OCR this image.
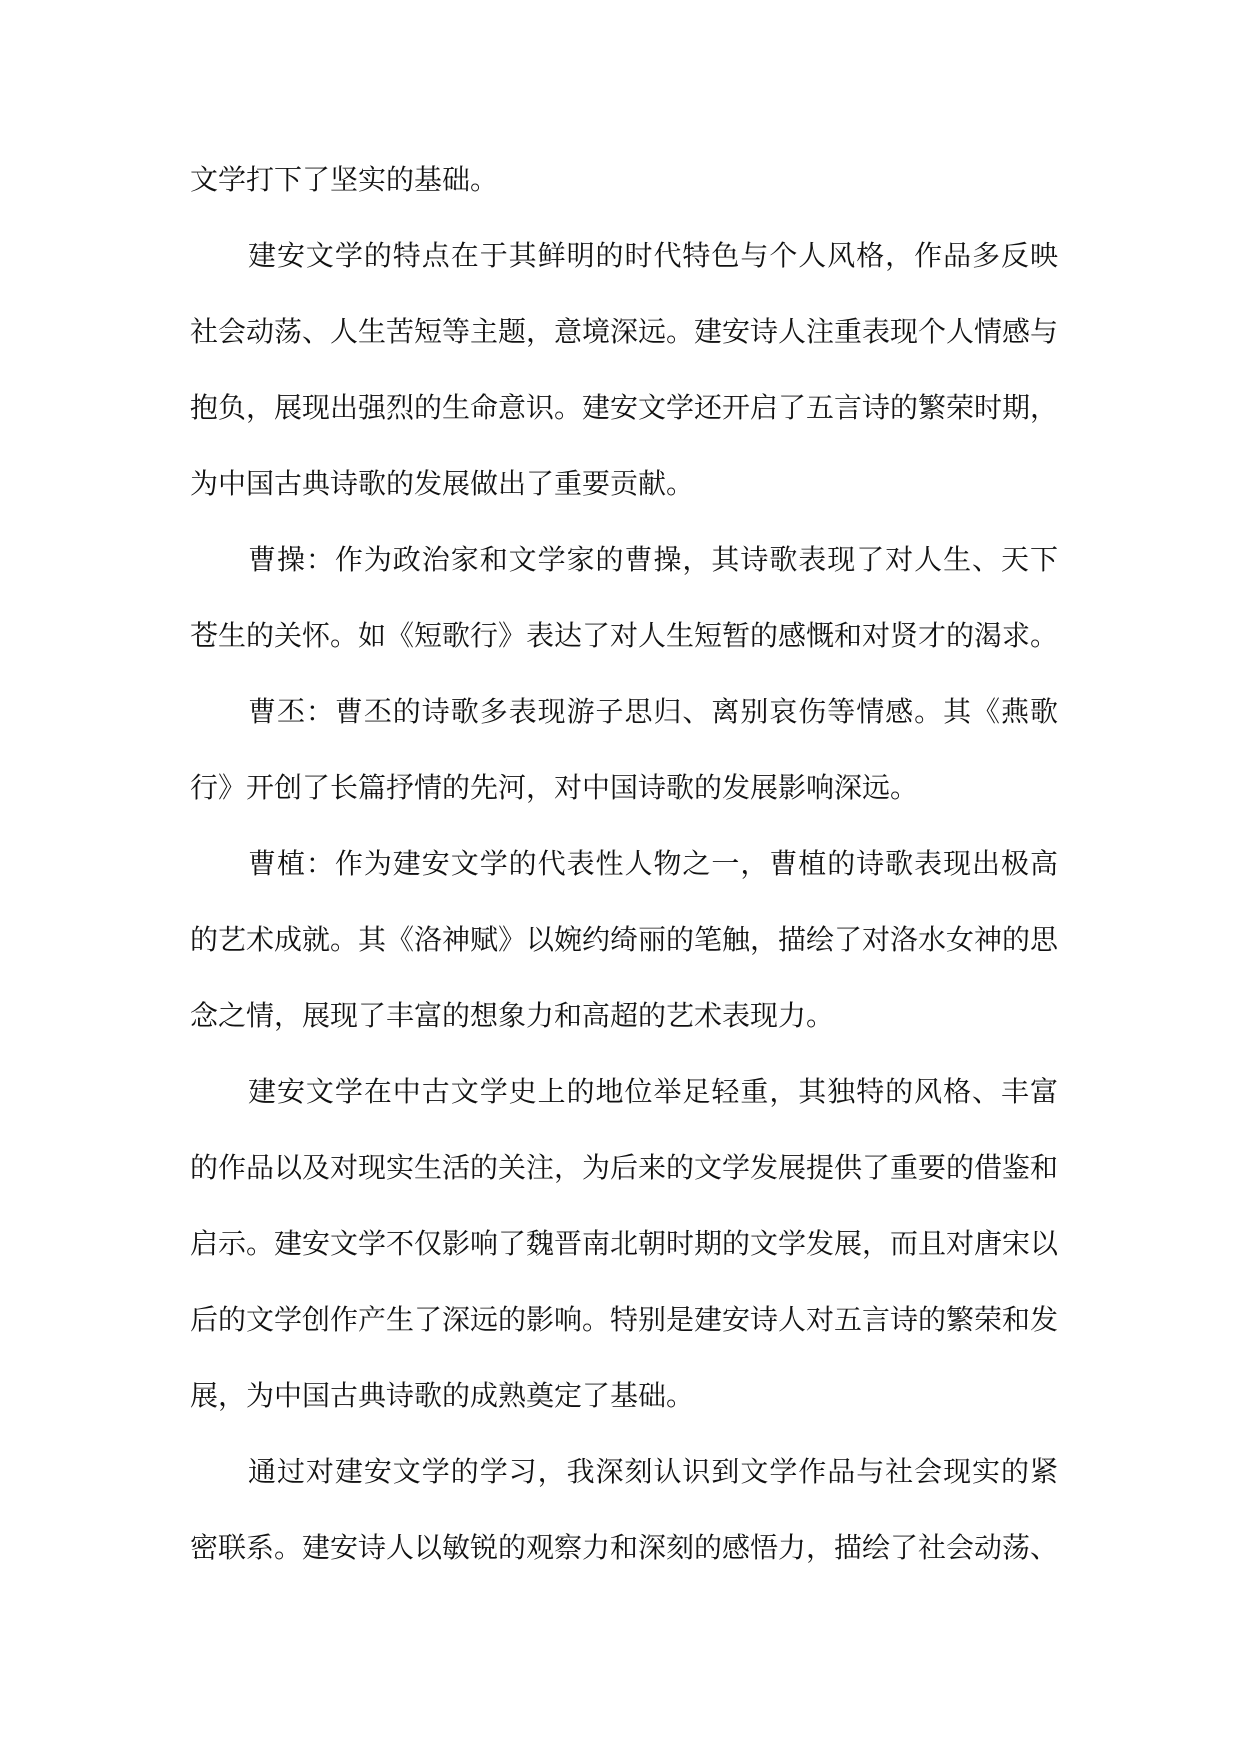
文学打下了坚实的基础。

建安文学的特点在于其鲜明的时代特色与个人风格，作品多反映社会动荡、人生苦短等主题，意境深远。建安诗人注重表现个人情感与抱负，展现出强烈的生命意识。建安文学还开启了五言诗的繁荣时期，为中国古典诗歌的发展做出了重要贡献。

曹操：作为政治家和文学家的曹操，其诗歌表现了对人生、天下苍生的关怀。如《短歌行》表达了对人生短暂的感慨和对贤才的渴求。

曹丕：曹丕的诗歌多表现游子思归、离别哀伤等情感。其《燕歌行》开创了长篇抒情的先河，对中国诗歌的发展影响深远。

曹植：作为建安文学的代表性人物之一，曹植的诗歌表现出极高的艺术成就。其《洛神赋》以婉约绮丽的笔触，描绘了对洛水女神的思念之情，展现了丰富的想象力和高超的艺术表现力。

建安文学在中古文学史上的地位举足轻重，其独特的风格、丰富的作品以及对现实生活的关注，为后来的文学发展提供了重要的借鉴和启示。建安文学不仅影响了魏晋南北朝时期的文学发展，而且对唐宋以后的文学创作产生了深远的影响。特别是建安诗人对五言诗的繁荣和发展，为中国古典诗歌的成熟奠定了基础。

通过对建安文学的学习，我深刻认识到文学作品与社会现实的紧密联系。建安诗人以敏锐的观察力和深刻的感悟力，描绘了社会动荡、
